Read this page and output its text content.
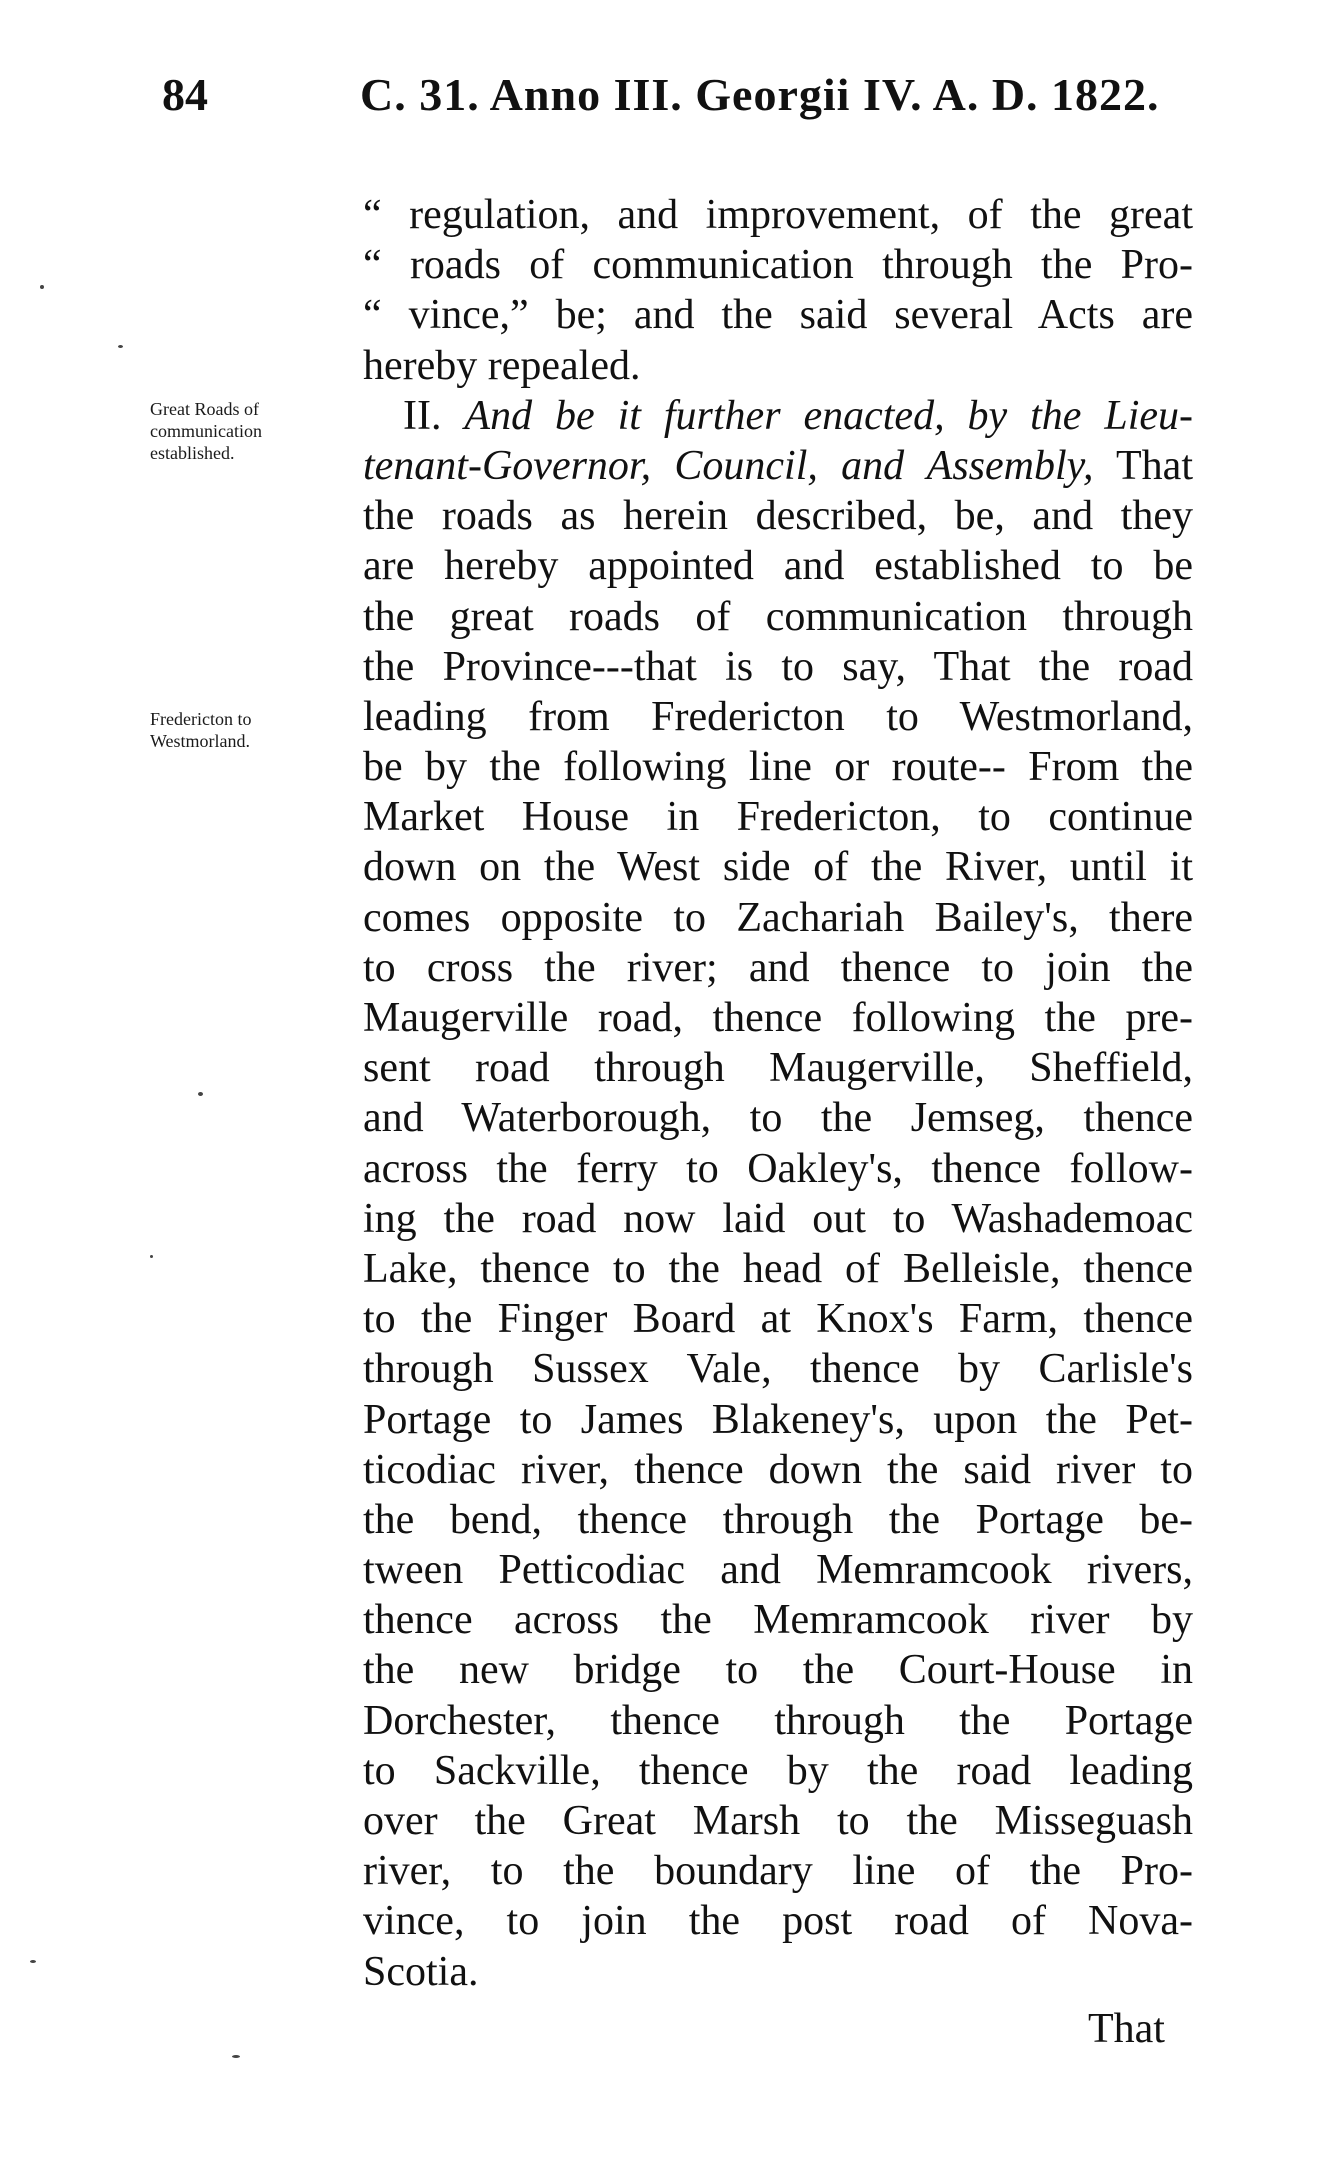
84	C. 31. Anno III. Georgii IV. A. D. 1822.
Great Roads of communication established.
Fredericton to Westmorland.
“ regulation, and improvement, of the great
“ roads of communication through the Pro-
“ vince,” be; and the said several Acts are
hereby repealed.
II. And be it further enacted, by the Lieu-
tenant-Governor, Council, and Assembly, That
the roads as herein described, be, and they
are hereby appointed and established to be
the great roads of communication through
the Province---that is to say, That the road
leading from Fredericton to Westmorland,
be by the following line or route-- From the
Market House in Fredericton, to continue
down on the West side of the River, until it
comes opposite to Zachariah Bailey's, there
to cross the river; and thence to join the
Maugerville road, thence following the pre-
sent road through Maugerville, Sheffield,
and Waterborough, to the Jemseg, thence
across the ferry to Oakley's, thence follow-
ing the road now laid out to Washademoac
Lake, thence to the head of Belleisle, thence
to the Finger Board at Knox's Farm, thence
through Sussex Vale, thence by Carlisle's
Portage to James Blakeney's, upon the Pet-
ticodiac river, thence down the said river to
the bend, thence through the Portage be-
tween Petticodiac and Memramcook rivers,
thence across the Memramcook river by
the new bridge to the Court-House in
Dorchester, thence through the Portage
to Sackville, thence by the road leading
over the Great Marsh to the Misseguash
river, to the boundary line of the Pro-
vince, to join the post road of Nova-
Scotia.
That
